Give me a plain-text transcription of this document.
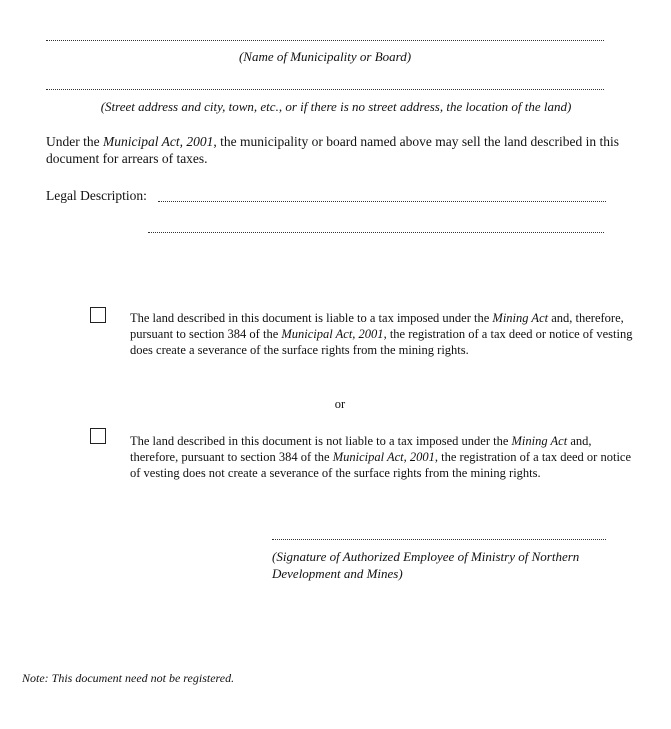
(Name of Municipality or Board)
(Street address and city, town, etc., or if there is no street address, the location of the land)
Under the Municipal Act, 2001, the municipality or board named above may sell the land described in this document for arrears of taxes.
Legal Description:
The land described in this document is liable to a tax imposed under the Mining Act and, therefore, pursuant to section 384 of the Municipal Act, 2001, the registration of a tax deed or notice of vesting does create a severance of the surface rights from the mining rights.
or
The land described in this document is not liable to a tax imposed under the Mining Act and, therefore, pursuant to section 384 of the Municipal Act, 2001, the registration of a tax deed or notice of vesting does not create a severance of the surface rights from the mining rights.
(Signature of Authorized Employee of Ministry of Northern Development and Mines)
Note: This document need not be registered.
